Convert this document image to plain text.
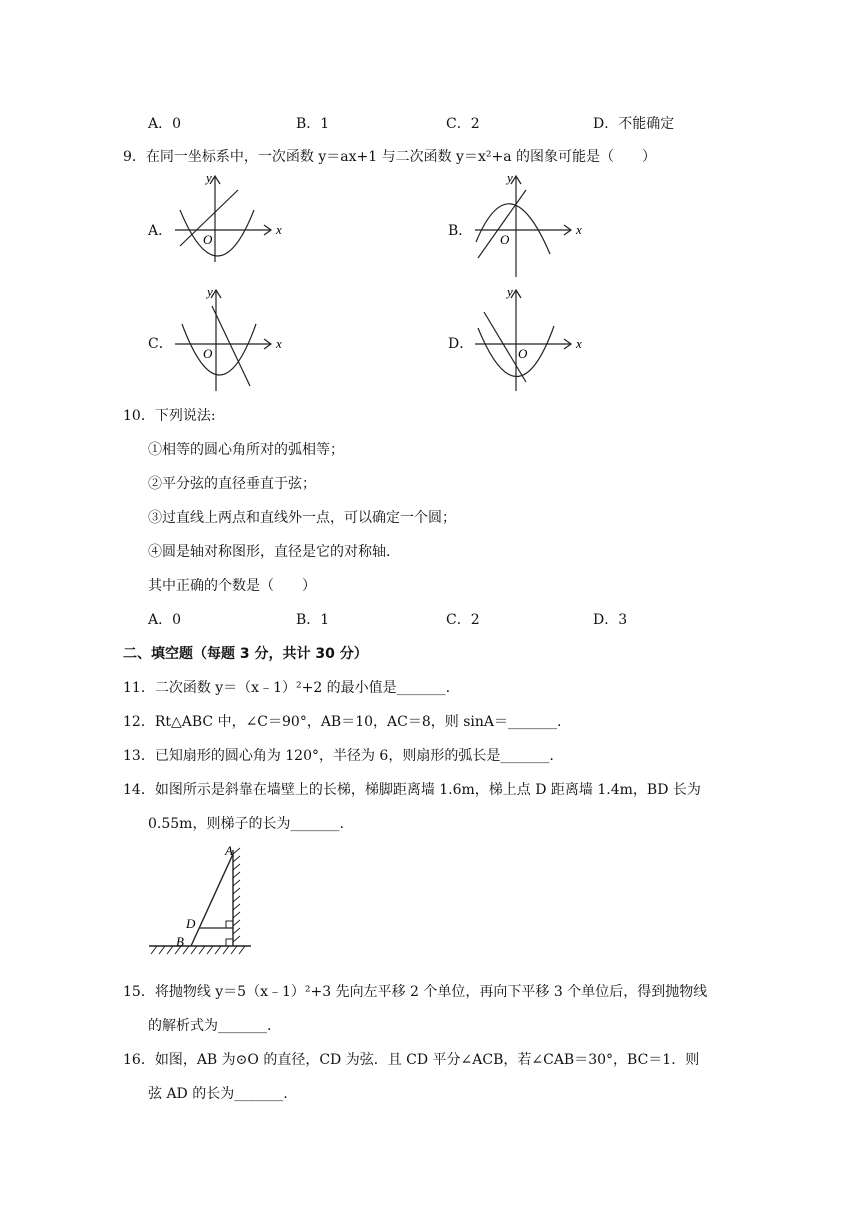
A．0	B．1	C．2	D．不能确定
9．在同一坐标系中，一次函数 y＝ax+1 与二次函数 y＝x²+a 的图象可能是（　　）
A．	B．
C．	D．
O
x
y
O
x
y
O
x
y
O
x
y
10．下列说法:
①相等的圆心角所对的弧相等；
②平分弦的直径垂直于弦；
③过直线上两点和直线外一点，可以确定一个圆；
④圆是轴对称图形，直径是它的对称轴.
其中正确的个数是（　　）
A．0	B．1	C．2	D．3
二、填空题（每题 3 分，共计 30 分）
11．二次函数 y＝（x﹣1）²+2 的最小值是_______.
12．Rt△ABC 中，∠C＝90°，AB＝10，AC＝8，则 sinA＝_______.
13．已知扇形的圆心角为 120°，半径为 6，则扇形的弧长是_______.
14．如图所示是斜靠在墙壁上的长梯，梯脚距离墙 1.6m，梯上点 D 距离墙 1.4m，BD 长为
0.55m，则梯子的长为_______.
A
D
B
15．将抛物线 y＝5（x﹣1）²+3 先向左平移 2 个单位，再向下平移 3 个单位后，得到抛物线
的解析式为_______.
16．如图，AB 为⊙O 的直径，CD 为弦．且 CD 平分∠ACB，若∠CAB＝30°，BC＝1．则
弦 AD 的长为_______.
